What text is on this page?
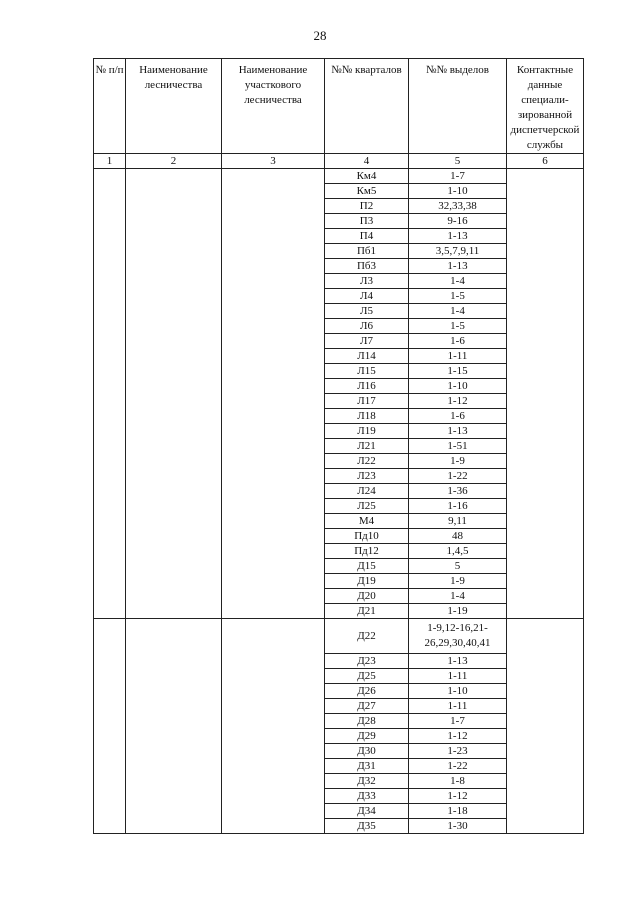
28
№ п/п	Наименование лесничества	Наименование участкового лесничества	№№ кварталов	№№ выделов	Контактные данные специали-зированной диспетчерской службы
1	2	3	4	5	6
			Км4	1-7	
			Км5	1-10	
			П2	32,33,38	
			П3	9-16	
			П4	1-13	
			Пб1	3,5,7,9,11	
			Пб3	1-13	
			Л3	1-4	
			Л4	1-5	
			Л5	1-4	
			Л6	1-5	
			Л7	1-6	
			Л14	1-11	
			Л15	1-15	
			Л16	1-10	
			Л17	1-12	
			Л18	1-6	
			Л19	1-13	
			Л21	1-51	
			Л22	1-9	
			Л23	1-22	
			Л24	1-36	
			Л25	1-16	
			М4	9,11	
			Пд10	48	
			Пд12	1,4,5	
			Д15	5	
			Д19	1-9	
			Д20	1-4	
			Д21	1-19	
			Д22	1-9,12-16,21-26,29,30,40,41	
			Д23	1-13	
			Д25	1-11	
			Д26	1-10	
			Д27	1-11	
			Д28	1-7	
			Д29	1-12	
			Д30	1-23	
			Д31	1-22	
			Д32	1-8	
			Д33	1-12	
			Д34	1-18	
			Д35	1-30	
